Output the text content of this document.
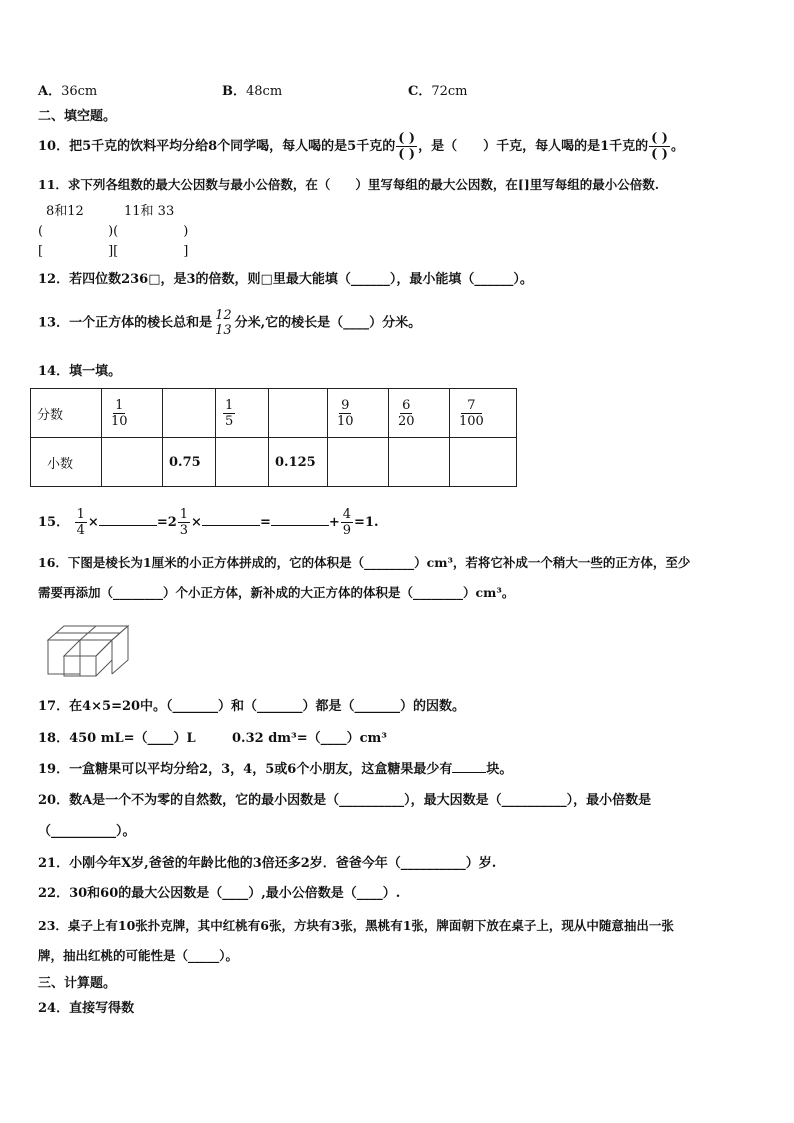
A．36cm	B．48cm	C．72cm
二、填空题。
10．把5千克的饮料平均分给8个同学喝，每人喝的是5千克的 $\frac{( )}{( )}$ ，是（　　）千克，每人喝的是1千克的 $\frac{( )}{( )}$ 。
11．求下列各组数的最大公因数与最小公倍数，在（　　）里写每组的最大公因数，在[]里写每组的最小公倍数.
8和12	11和 33
(　　　　　)(　　　　　)
[　　　　　][　　　　　]
12．若四位数236□，是3的倍数，则□里最大能填（______），最小能填（______）。
13．一个正方体的棱长总和是 12
13 分米,它的棱长是（____）分米。
14．填一填。
分数	$\frac{1}{10}$		$\frac{1}{5}$		$\frac{9}{10}$	$\frac{6}{20}$	$\frac{7}{100}$

小数		0.75		0.125			
15． $\frac{1}{4}$ ×	$=2 \frac{1}{3}$ ×	=	+ $\frac{4}{9} =1$.
16．下图是棱长为1厘米的小正方体拼成的，它的体积是（________）cm³，若将它补成一个稍大一些的正方体，至少
需要再添加（________）个小正方体，新补成的大正方体的体积是（________）cm³。
17．在4×5=20中。（_______）和（_______）都是（_______）的因数。
18．450 mL=（____）L	0.32 dm³=（____）cm³
19．一盒糖果可以平均分给2，3，4，5或6个小朋友，这盒糖果最少有	块。
20．数A是一个不为零的自然数，它的最小因数是（__________），最大因数是（__________），最小倍数是
（__________）。
21．小刚今年X岁,爸爸的年龄比他的3倍还多2岁．爸爸今年（__________）岁.
22．30和60的最大公因数是（____）,最小公倍数是（____）.
23．桌子上有10张扑克牌，其中红桃有6张，方块有3张，黑桃有1张，牌面朝下放在桌子上，现从中随意抽出一张
牌，抽出红桃的可能性是（_____）。
三、计算题。
24．直接写得数
